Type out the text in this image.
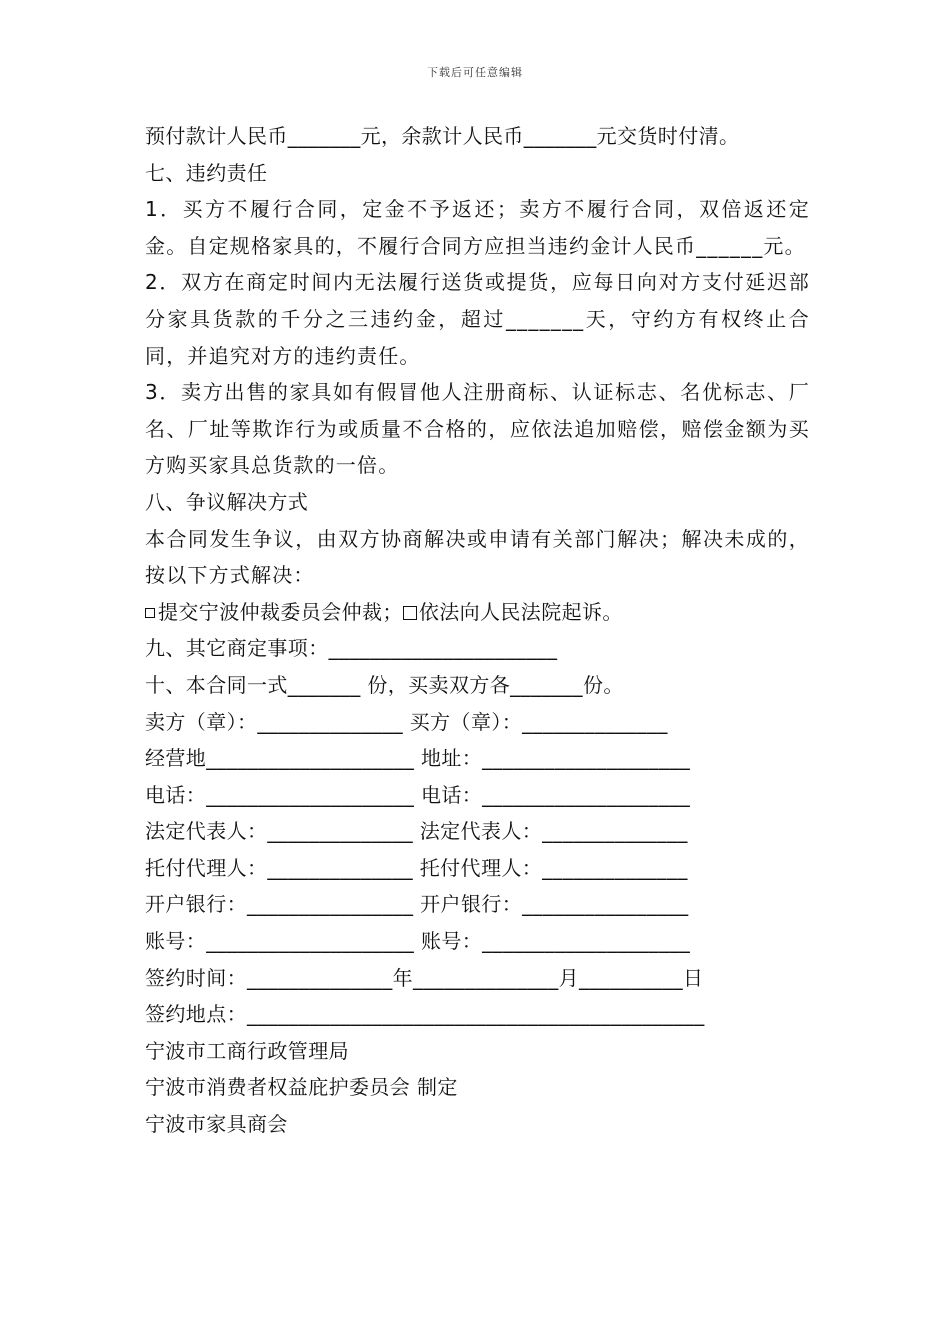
下载后可任意编辑
预付款计人民币_______元，余款计人民币_______元交货时付清。
七、违约责任
1．买方不履行合同，定金不予返还；卖方不履行合同，双倍返还定金。自定规格家具的，不履行合同方应担当违约金计人民币______元。
2．双方在商定时间内无法履行送货或提货，应每日向对方支付延迟部分家具货款的千分之三违约金，超过_______天，守约方有权终止合同，并追究对方的违约责任。
3．卖方出售的家具如有假冒他人注册商标、认证标志、名优标志、厂名、厂址等欺诈行为或质量不合格的，应依法追加赔偿，赔偿金额为买方购买家具总货款的一倍。
八、争议解决方式
本合同发生争议，由双方协商解决或申请有关部门解决；解决未成的，按以下方式解决：
提交宁波仲裁委员会仲裁； 依法向人民法院起诉。
九、其它商定事项：______________________
十、本合同一式_______ 份，买卖双方各_______份。
卖方（章）：______________ 买方（章）：______________
经营地____________________ 地址：____________________
电话：____________________ 电话：____________________
法定代表人：______________ 法定代表人：______________
托付代理人：______________ 托付代理人：______________
开户银行：________________ 开户银行：________________
账号：____________________ 账号：____________________
签约时间：______________年______________月__________日
签约地点：____________________________________________
宁波市工商行政管理局
宁波市消费者权益庇护委员会 制定
宁波市家具商会
